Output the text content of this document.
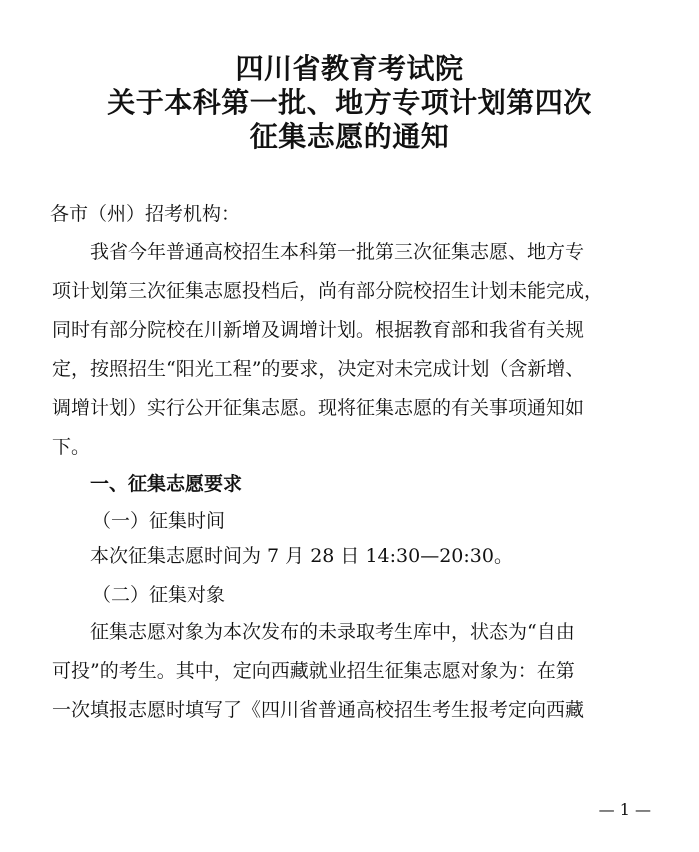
四川省教育考试院
关于本科第一批、地方专项计划第四次
征集志愿的通知

各市（州）招考机构：

我省今年普通高校招生本科第一批第三次征集志愿、地方专

项计划第三次征集志愿投档后，尚有部分院校招生计划未能完成，

同时有部分院校在川新增及调增计划。根据教育部和我省有关规

定，按照招生“阳光工程”的要求，决定对未完成计划（含新增、

调增计划）实行公开征集志愿。现将征集志愿的有关事项通知如

下。

一、征集志愿要求

（一）征集时间

本次征集志愿时间为 7 月 28 日 14:30—20:30。

（二）征集对象

征集志愿对象为本次发布的未录取考生库中，状态为“自由

可投”的考生。其中，定向西藏就业招生征集志愿对象为：在第

一次填报志愿时填写了《四川省普通高校招生考生报考定向西藏

— 1 —
